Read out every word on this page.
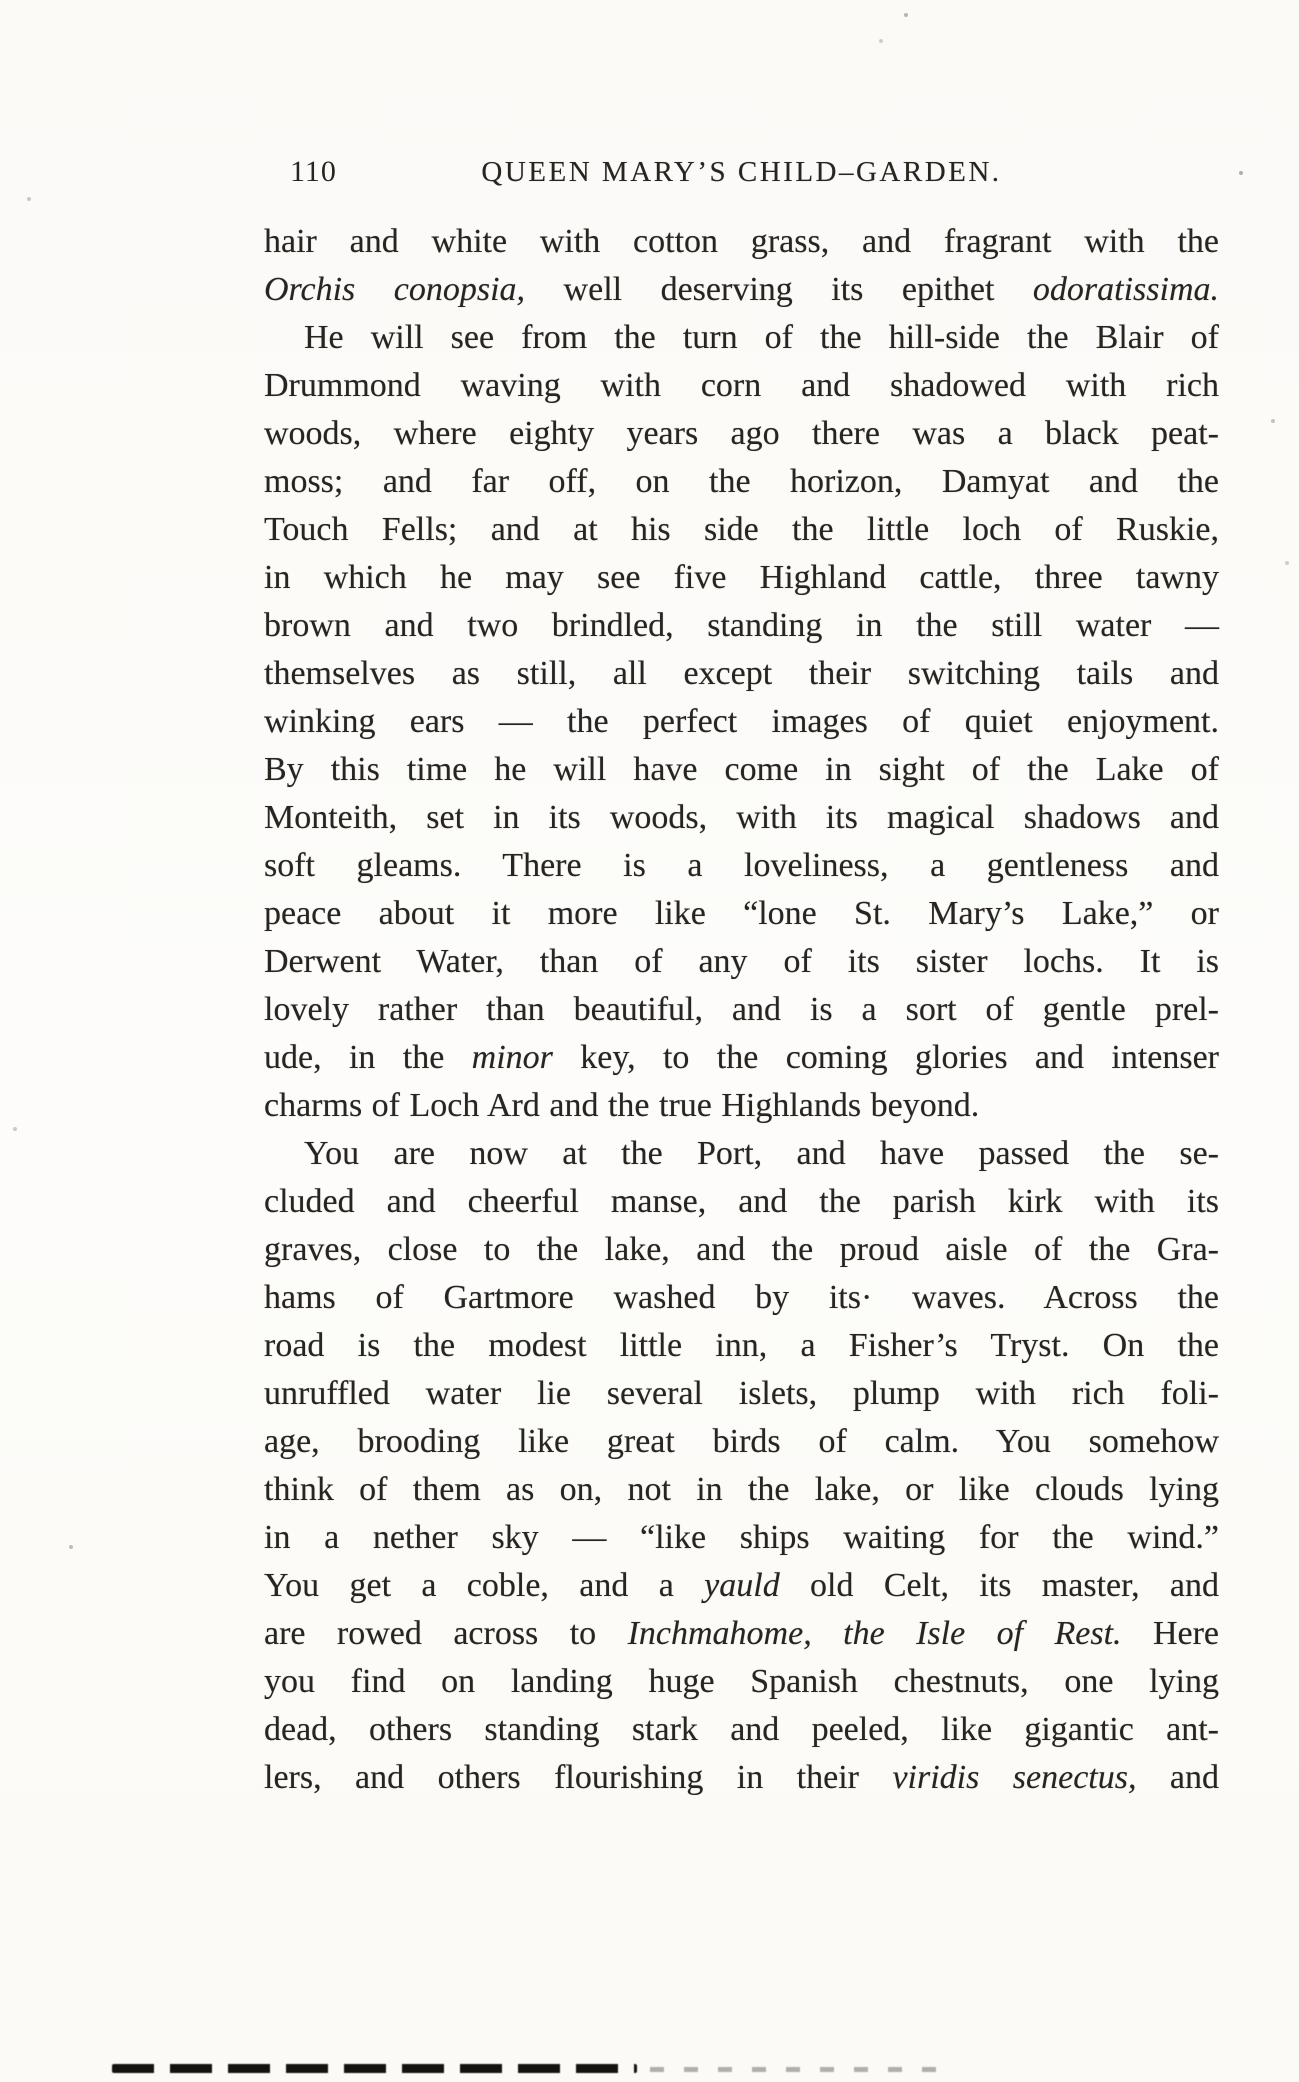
110	QUEEN MARY’S CHILD–GARDEN.
hair and white with cotton grass, and fragrant with the
Orchis conopsia, well deserving its epithet odoratissima.
He will see from the turn of the hill-side the Blair of
Drummond waving with corn and shadowed with rich
woods, where eighty years ago there was a black peat-
moss; and far off, on the horizon, Damyat and the
Touch Fells; and at his side the little loch of Ruskie,
in which he may see five Highland cattle, three tawny
brown and two brindled, standing in the still water —
themselves as still, all except their switching tails and
winking ears — the perfect images of quiet enjoyment.
By this time he will have come in sight of the Lake of
Monteith, set in its woods, with its magical shadows and
soft gleams. There is a loveliness, a gentleness and
peace about it more like “lone St. Mary’s Lake,” or
Derwent Water, than of any of its sister lochs. It is
lovely rather than beautiful, and is a sort of gentle prel-
ude, in the minor key, to the coming glories and intenser
charms of Loch Ard and the true Highlands beyond.
You are now at the Port, and have passed the se-
cluded and cheerful manse, and the parish kirk with its
graves, close to the lake, and the proud aisle of the Gra-
hams of Gartmore washed by its· waves. Across the
road is the modest little inn, a Fisher’s Tryst. On the
unruffled water lie several islets, plump with rich foli-
age, brooding like great birds of calm. You somehow
think of them as on, not in the lake, or like clouds lying
in a nether sky — “like ships waiting for the wind.”
You get a coble, and a yauld old Celt, its master, and
are rowed across to Inchmahome, the Isle of Rest. Here
you find on landing huge Spanish chestnuts, one lying
dead, others standing stark and peeled, like gigantic ant-
lers, and others flourishing in their viridis senectus, and
